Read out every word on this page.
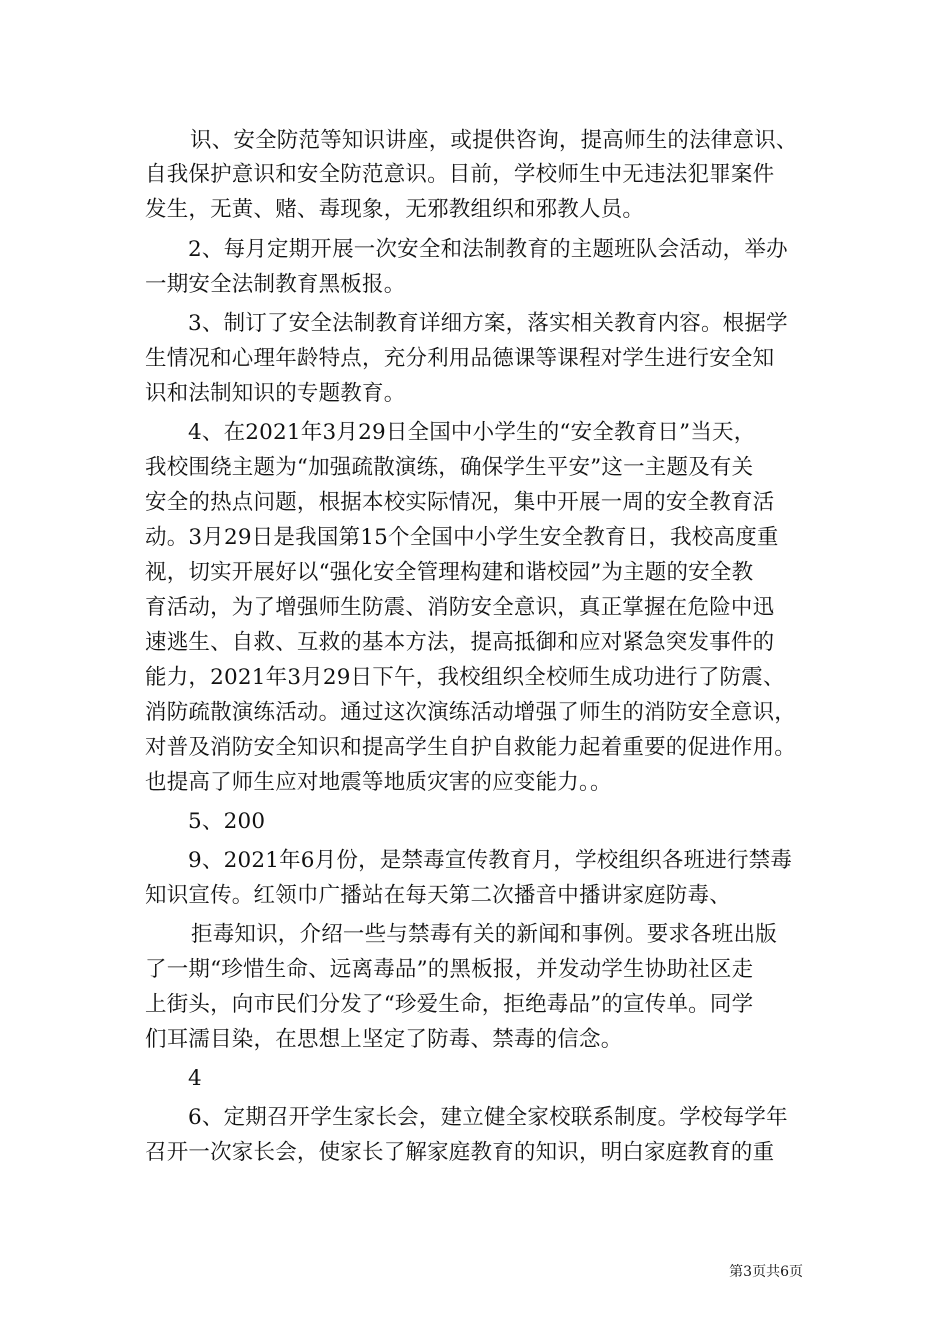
识、安全防范等知识讲座，或提供咨询，提高师生的法律意识、
自我保护意识和安全防范意识。目前，学校师生中无违法犯罪案件
发生，无黄、赌、毒现象，无邪教组织和邪教人员。
2、每月定期开展一次安全和法制教育的主题班队会活动，举办
一期安全法制教育黑板报。
3、制订了安全法制教育详细方案，落实相关教育内容。根据学
生情况和心理年龄特点，充分利用品德课等课程对学生进行安全知
识和法制知识的专题教育。
4、在2021年3月29日全国中小学生的“安全教育日”当天，
我校围绕主题为“加强疏散演练，确保学生平安”这一主题及有关
安全的热点问题，根据本校实际情况，集中开展一周的安全教育活
动。3月29日是我国第15个全国中小学生安全教育日，我校高度重
视，切实开展好以“强化安全管理构建和谐校园”为主题的安全教
育活动，为了增强师生防震、消防安全意识，真正掌握在危险中迅
速逃生、自救、互救的基本方法，提高抵御和应对紧急突发事件的
能力，2021年3月29日下午，我校组织全校师生成功进行了防震、
消防疏散演练活动。通过这次演练活动增强了师生的消防安全意识，
对普及消防安全知识和提高学生自护自救能力起着重要的促进作用。
也提高了师生应对地震等地质灾害的应变能力。。
5、200
9、2021年6月份，是禁毒宣传教育月，学校组织各班进行禁毒
知识宣传。红领巾广播站在每天第二次播音中播讲家庭防毒、
拒毒知识，介绍一些与禁毒有关的新闻和事例。要求各班出版
了一期“珍惜生命、远离毒品”的黑板报，并发动学生协助社区走
上街头，向市民们分发了“珍爱生命，拒绝毒品”的宣传单。同学
们耳濡目染，在思想上坚定了防毒、禁毒的信念。
4
6、定期召开学生家长会，建立健全家校联系制度。学校每学年
召开一次家长会，使家长了解家庭教育的知识，明白家庭教育的重
第3页共6页
